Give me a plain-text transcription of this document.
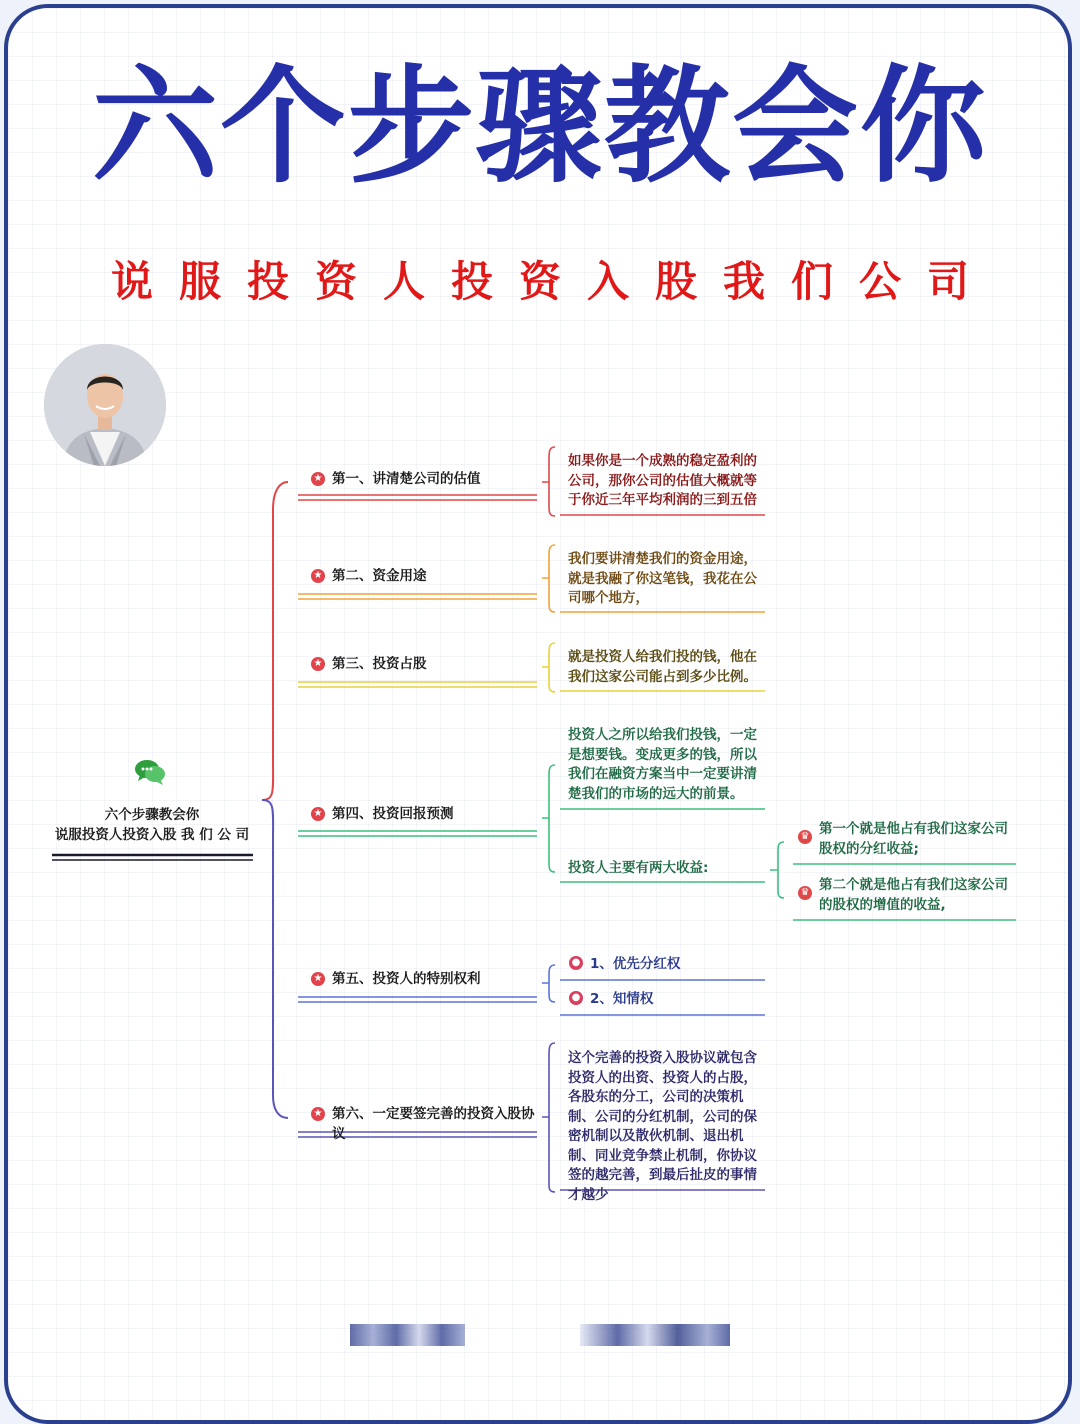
六个步骤教会你
说服投资人投资入股我们公司
六个步骤教会你
说服投资人投资入股 我 们 公 司
★ 第一、讲清楚公司的估值
如果你是一个成熟的稳定盈利的公司，那你公司的估值大概就等于你近三年平均利润的三到五倍
★ 第二、资金用途
我们要讲清楚我们的资金用途，就是我融了你这笔钱，我花在公司哪个地方，
★ 第三、投资占股	就是投资人给我们投的钱，他在我们这家公司能占到多少比例。
★ 第四、投资回报预测
投资人之所以给我们投钱，一定是想要钱。变成更多的钱，所以我们在融资方案当中一定要讲清楚我们的市场的远大的前景。
投资人主要有两大收益:
♛ 第一个就是他占有我们这家公司股权的分红收益;
♛ 第二个就是他占有我们这家公司的股权的增值的收益,
★ 第五、投资人的特别权利
● 1、优先分红权
● 2、知情权
★ 第六、一定要签完善的投资入股协议
这个完善的投资入股协议就包含投资人的出资、投资人的占股，各股东的分工，公司的决策机制、公司的分红机制，公司的保密机制以及散伙机制、退出机制、同业竞争禁止机制，你协议签的越完善，到最后扯皮的事情才越少
